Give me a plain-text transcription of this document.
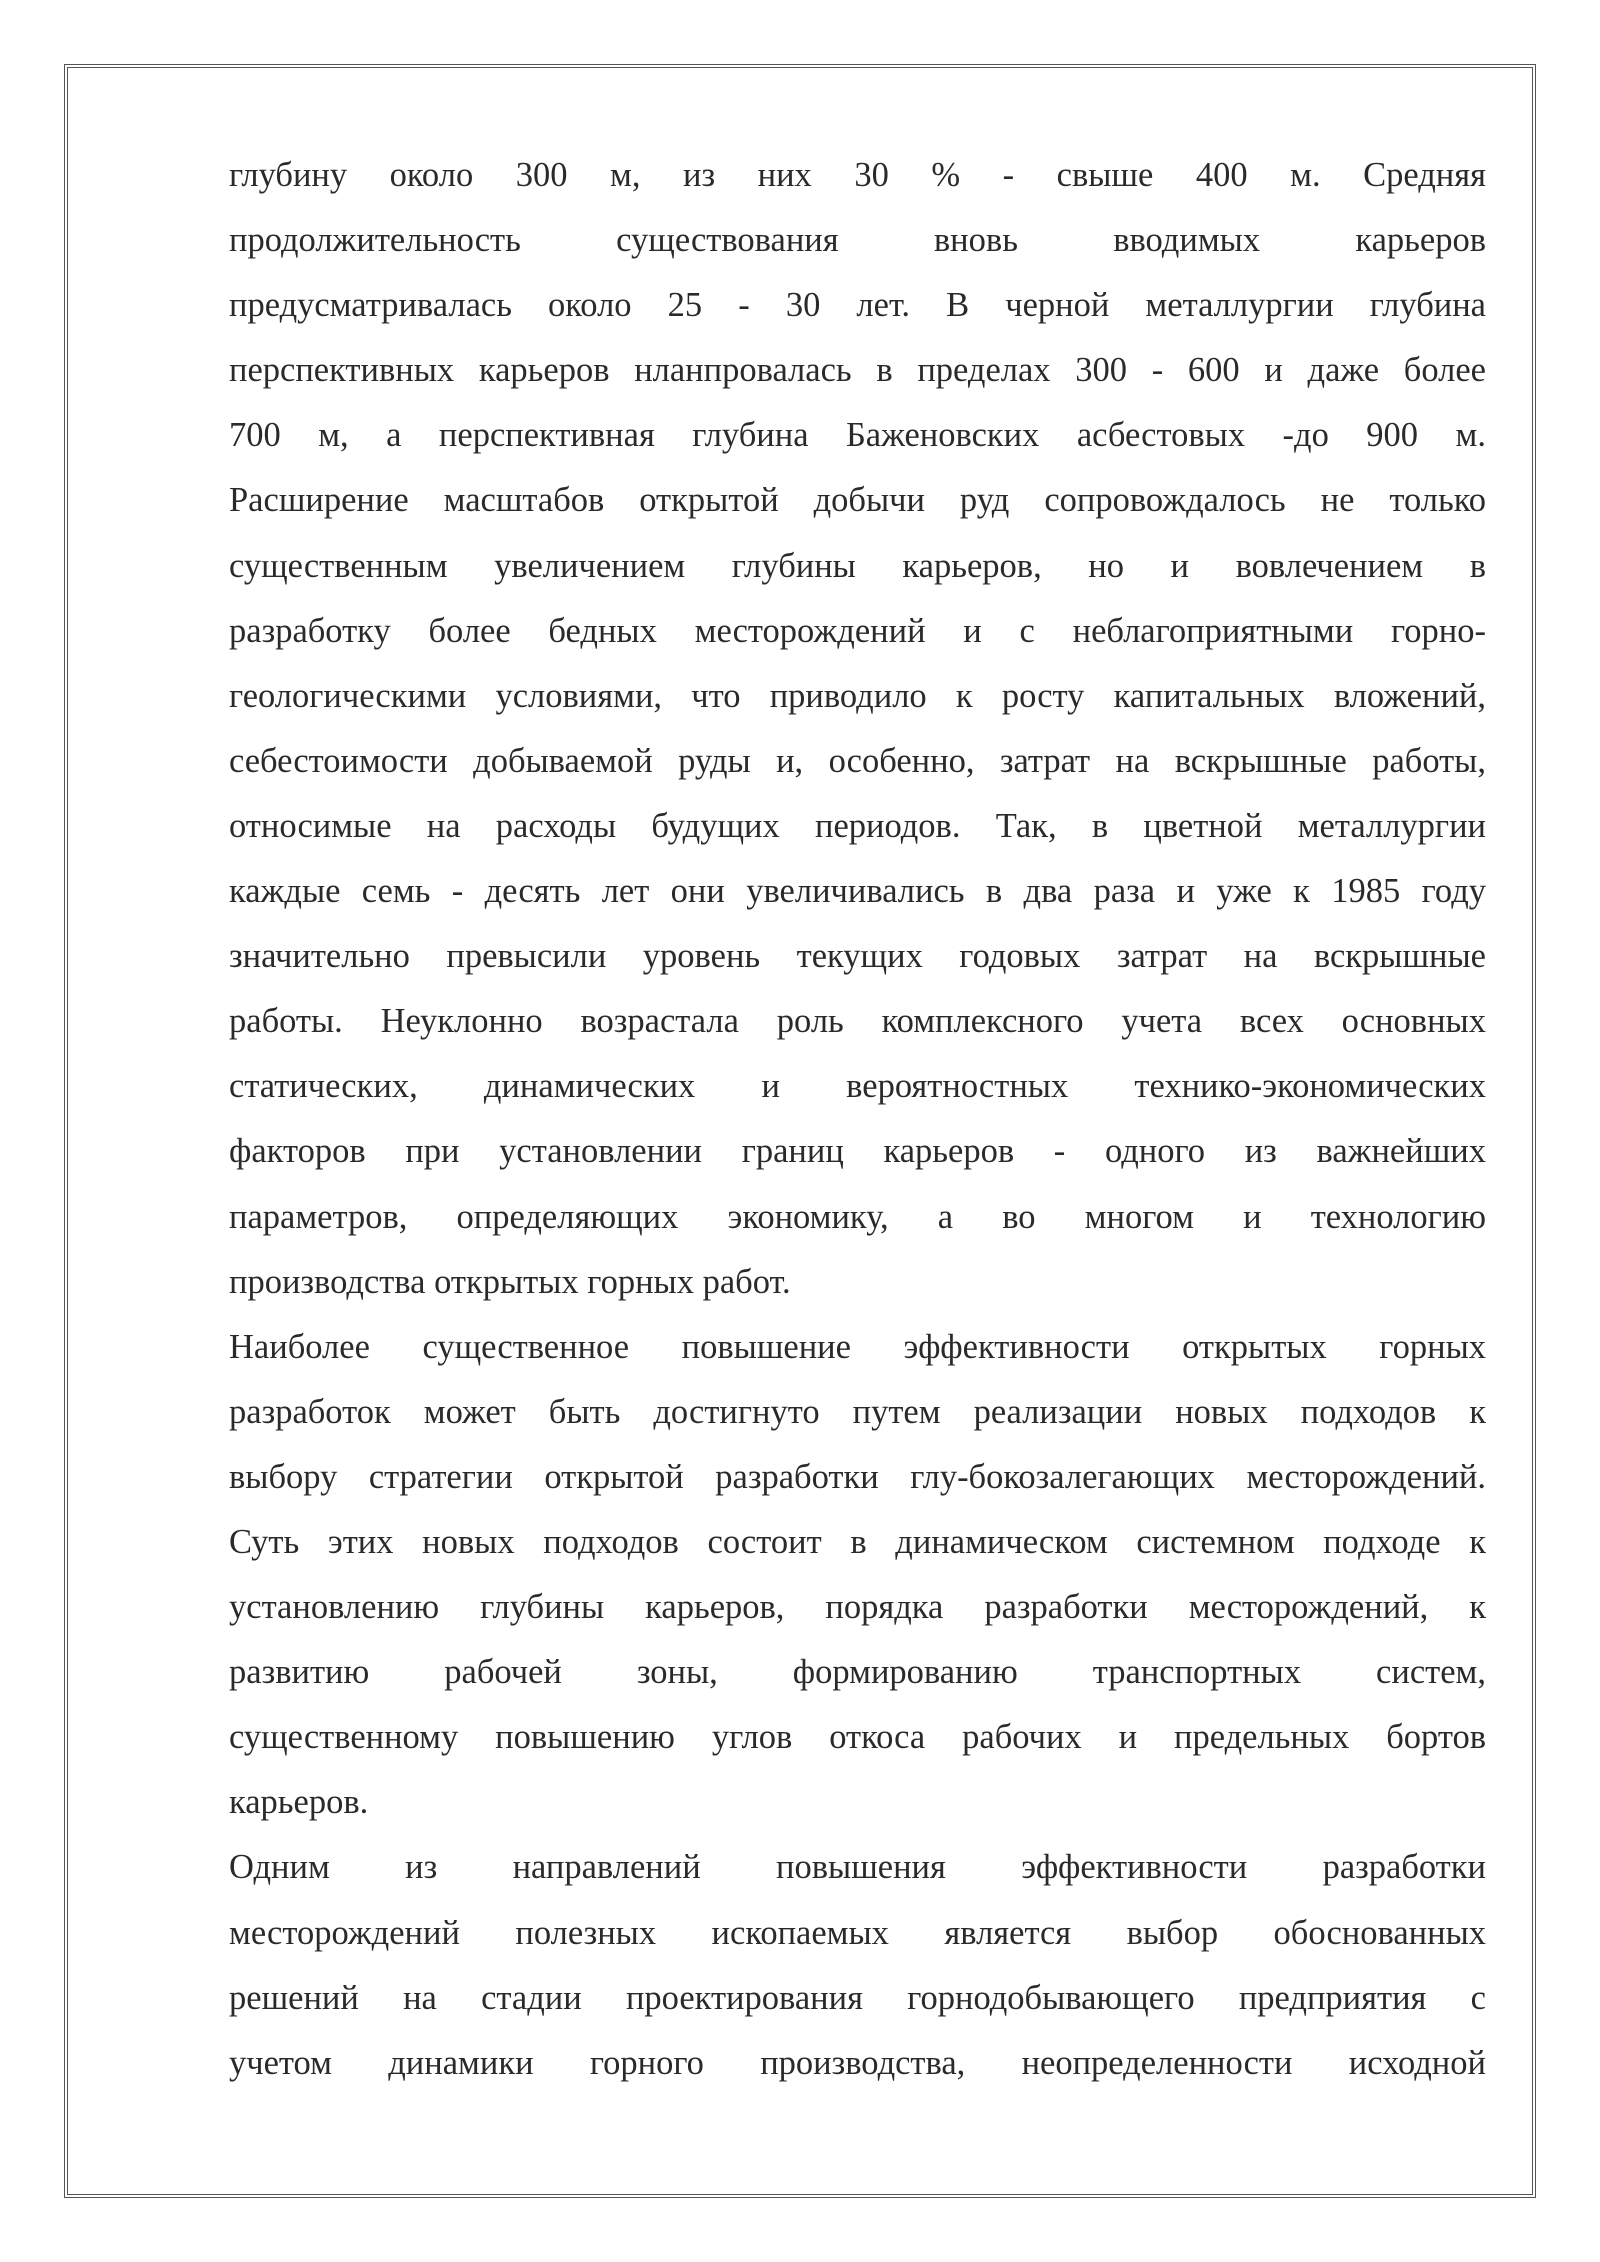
глубину около 300 м, из них 30 % - свыше 400 м. Средняя
продолжительность существования вновь вводимых карьеров
предусматривалась около 25 - 30 лет. В черной металлургии глубина
перспективных карьеров нланпровалась в пределах 300 - 600 и даже более
700 м, а перспективная глубина Баженовских асбестовых -до 900 м.
Расширение масштабов открытой добычи руд сопровождалось не только
существенным увеличением глубины карьеров, но и вовлечением в
разработку более бедных месторождений и с неблагоприятными горно-
геологическими условиями, что приводило к росту капитальных вложений,
себестоимости добываемой руды и, особенно, затрат на вскрышные работы,
относимые на расходы будущих периодов. Так, в цветной металлургии
каждые семь - десять лет они увеличивались в два раза и уже к 1985 году
значительно превысили уровень текущих годовых затрат на вскрышные
работы. Неуклонно возрастала роль комплексного учета всех основных
статических, динамических и вероятностных технико-экономических
факторов при установлении границ карьеров - одного из важнейших
параметров, определяющих экономику, а во многом и технологию
производства открытых горных работ.
Наиболее существенное повышение эффективности открытых горных
разработок может быть достигнуто путем реализации новых подходов к
выбору стратегии открытой разработки глу-бокозалегающих месторождений.
Суть этих новых подходов состоит в динамическом системном подходе к
установлению глубины карьеров, порядка разработки месторождений, к
развитию рабочей зоны, формированию транспортных систем,
существенному повышению углов откоса рабочих и предельных бортов
карьеров.
Одним из направлений повышения эффективности разработки
месторождений полезных ископаемых является выбор обоснованных
решений на стадии проектирования горнодобывающего предприятия с
учетом динамики горного производства, неопределенности исходной
